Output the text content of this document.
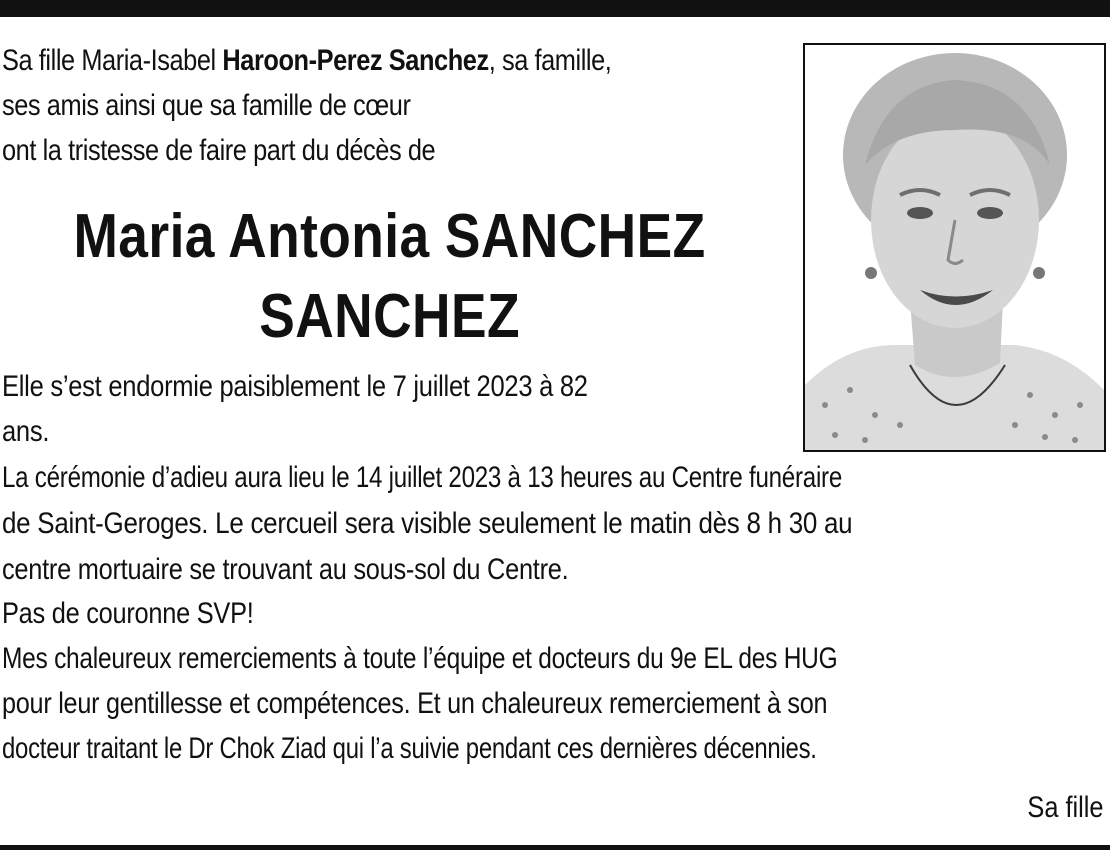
Sa fille Maria-Isabel Haroon-Perez Sanchez, sa famille,
ses amis ainsi que sa famille de cœur
ont la tristesse de faire part du décès de
Maria Antonia SANCHEZ
SANCHEZ
Elle s’est endormie paisiblement le 7 juillet 2023 à 82
ans.
La cérémonie d’adieu aura lieu le 14 juillet 2023 à 13 heures au Centre funéraire
de Saint-Geroges. Le cercueil sera visible seulement le matin dès 8 h 30 au
centre mortuaire se trouvant au sous-sol du Centre.
Pas de couronne SVP!
Mes chaleureux remerciements à toute l’équipe et docteurs du 9e EL des HUG
pour leur gentillesse et compétences. Et un chaleureux remerciement à son
docteur traitant le Dr Chok Ziad qui l’a suivie pendant ces dernières décennies.
Sa fille
